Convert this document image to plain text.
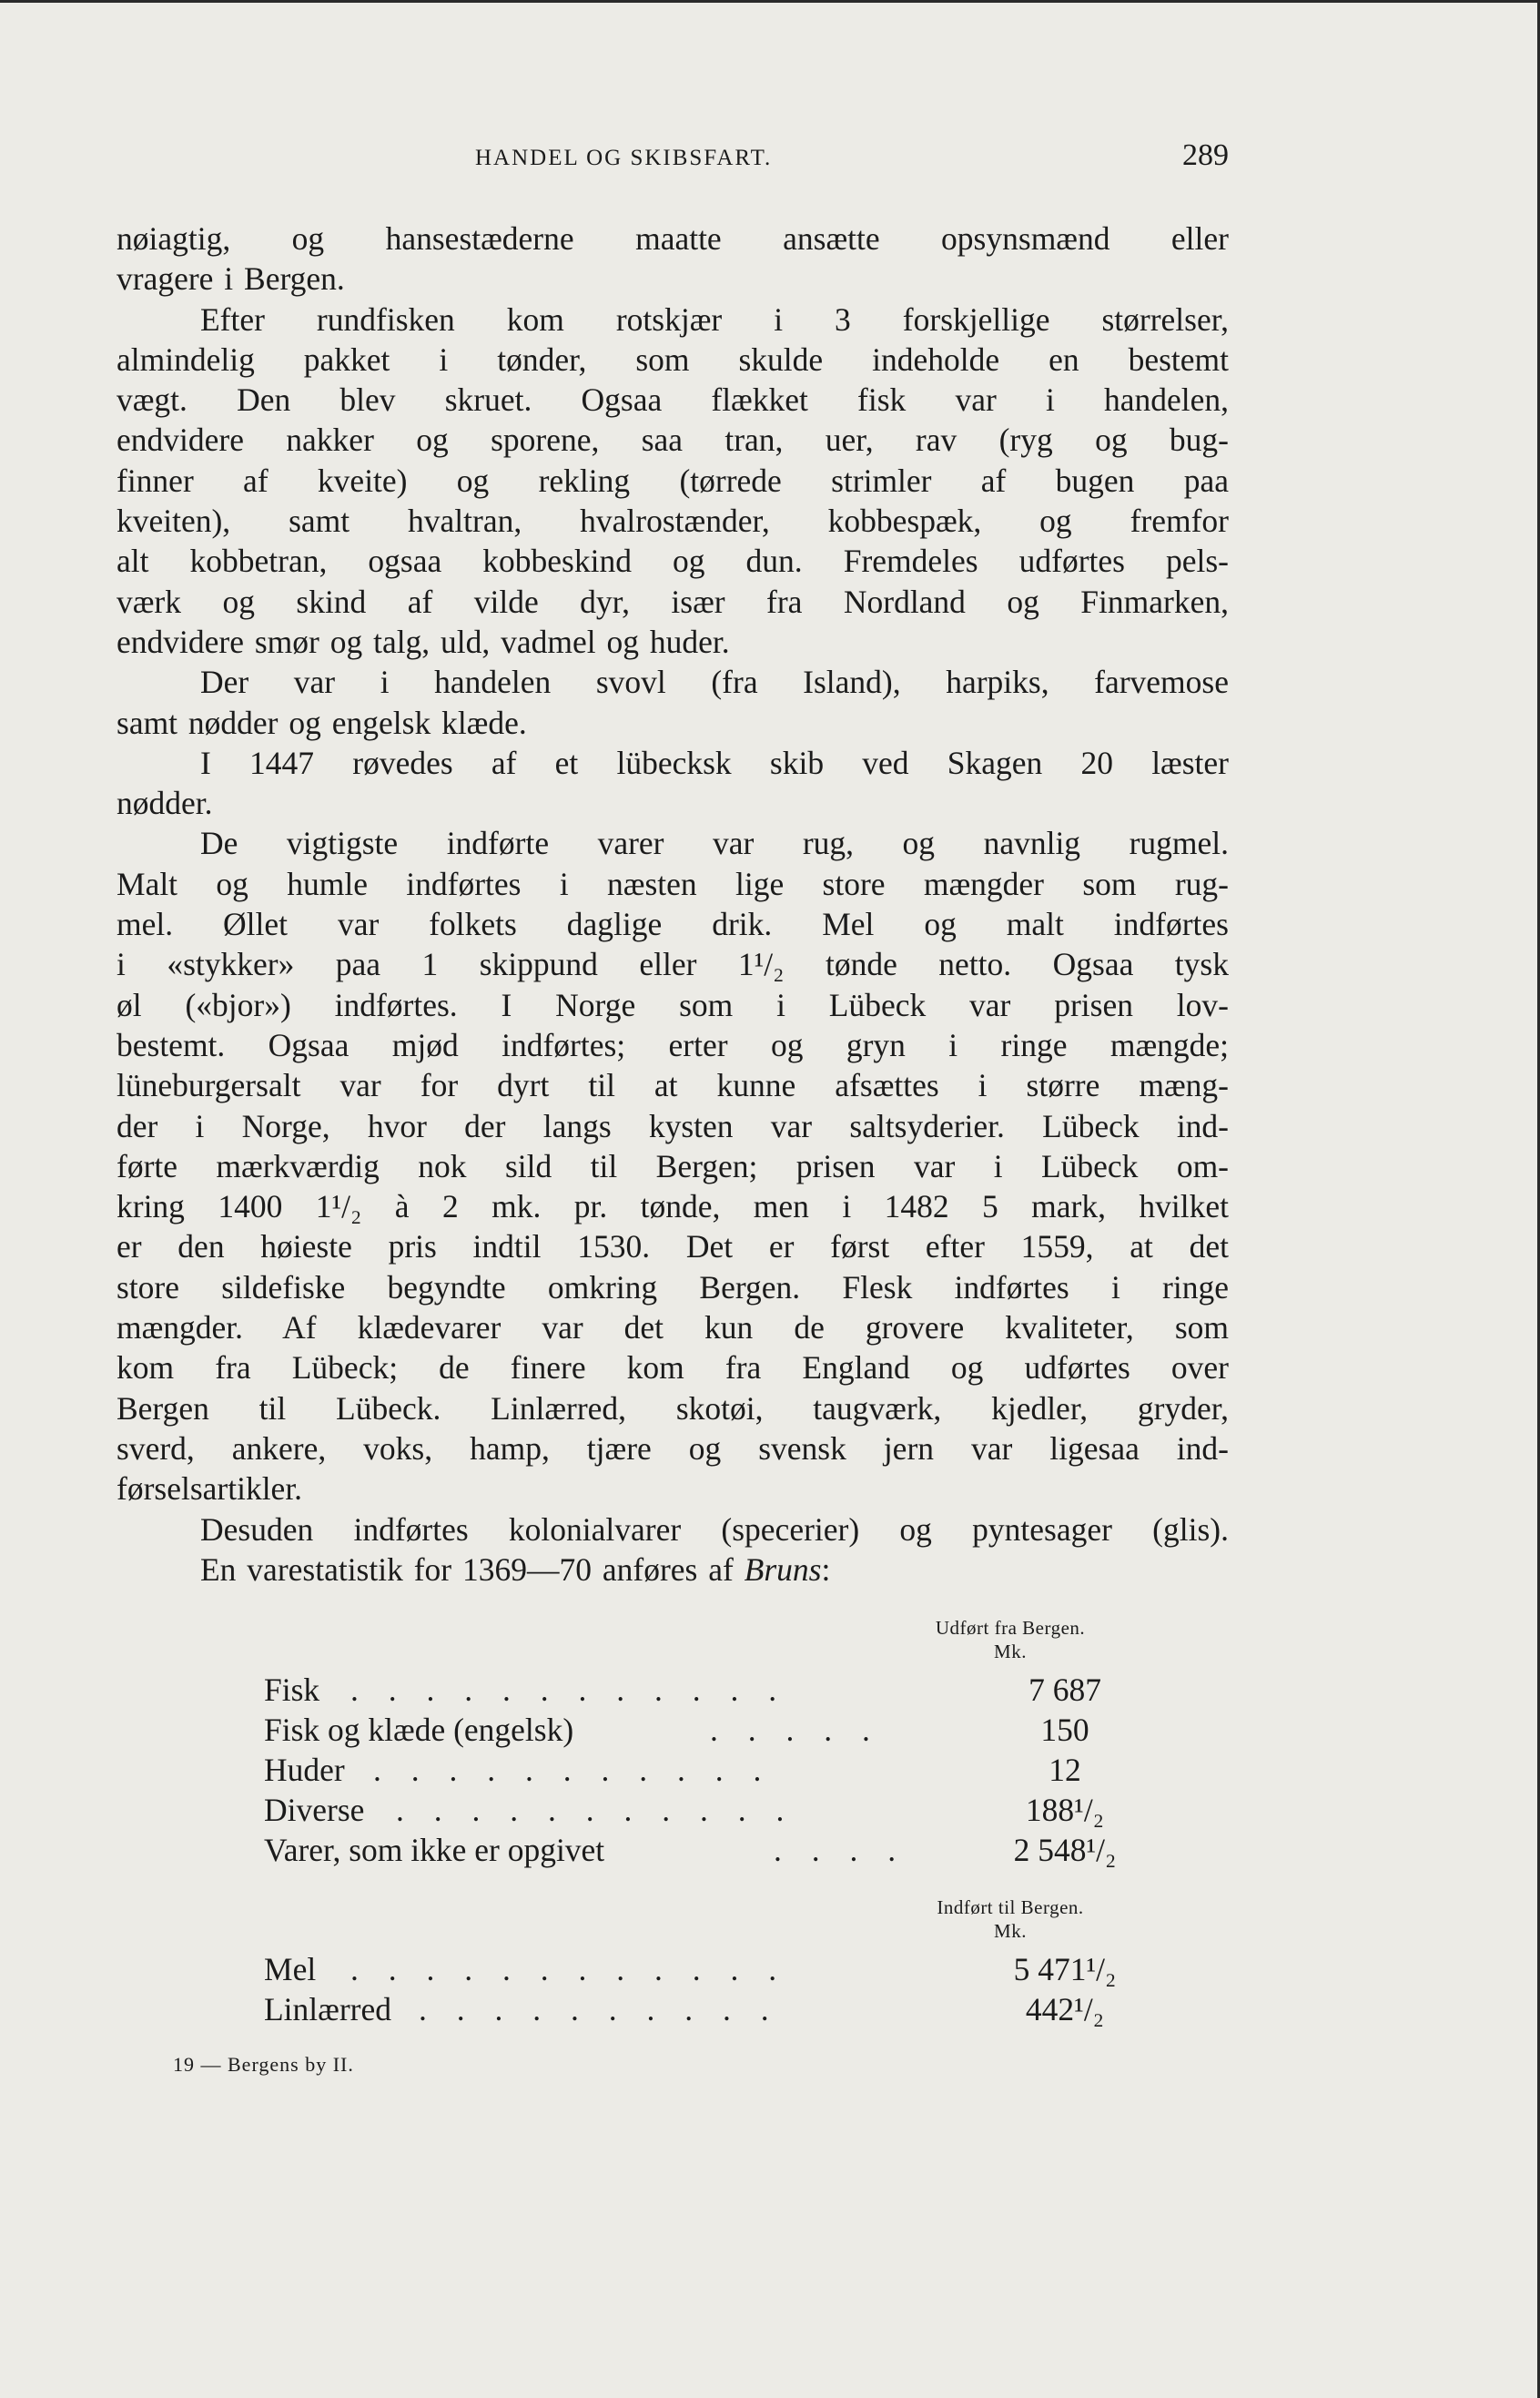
HANDEL OG SKIBSFART.	289

nøiagtig, og hansestæderne maatte ansætte opsynsmænd eller
vragere i Bergen.

Efter rundfisken kom rotskjær i 3 forskjellige størrelser,
almindelig pakket i tønder, som skulde indeholde en bestemt
vægt. Den blev skruet. Ogsaa flækket fisk var i handelen,
endvidere nakker og sporene, saa tran, uer, rav (ryg og bug-
finner af kveite) og rekling (tørrede strimler af bugen paa
kveiten), samt hvaltran, hvalrostænder, kobbespæk, og fremfor
alt kobbetran, ogsaa kobbeskind og dun. Fremdeles udførtes pels-
værk og skind af vilde dyr, især fra Nordland og Finmarken,
endvidere smør og talg, uld, vadmel og huder.

Der var i handelen svovl (fra Island), harpiks, farvemose
samt nødder og engelsk klæde.

I 1447 røvedes af et lübecksk skib ved Skagen 20 læster
nødder.

De vigtigste indførte varer var rug, og navnlig rugmel.
Malt og humle indførtes i næsten lige store mængder som rug-
mel. Øllet var folkets daglige drik. Mel og malt indførtes
i «stykker» paa 1 skippund eller 1¹/₂ tønde netto. Ogsaa tysk
øl («bjor») indførtes. I Norge som i Lübeck var prisen lov-
bestemt. Ogsaa mjød indførtes; erter og gryn i ringe mængde;
lüneburgersalt var for dyrt til at kunne afsættes i større mæng-
der i Norge, hvor der langs kysten var saltsyderier. Lübeck ind-
førte mærkværdig nok sild til Bergen; prisen var i Lübeck om-
kring 1400 1¹/₂ à 2 mk. pr. tønde, men i 1482 5 mark, hvilket
er den høieste pris indtil 1530. Det er først efter 1559, at det
store sildefiske begyndte omkring Bergen. Flesk indførtes i ringe
mængder. Af klædevarer var det kun de grovere kvaliteter, som
kom fra Lübeck; de finere kom fra England og udførtes over
Bergen til Lübeck. Linlærred, skotøi, taugværk, kjedler, gryder,
sverd, ankere, voks, hamp, tjære og svensk jern var ligesaa ind-
førselsartikler.

Desuden indførtes kolonialvarer (specerier) og pyntesager (glis).
En varestatistik for 1369—70 anføres af Bruns:

Udført fra Bergen.
Mk.
Fisk . . . . . . . . . . . .	7 687
Fisk og klæde (engelsk)	. . . . .	150
Huder . . . . . . . . . . .	12
Diverse . . . . . . . . . . .	188¹/₂
Varer, som ikke er opgivet	. . . .	2 548¹/₂
Indført til Bergen.
Mk.
Mel . . . . . . . . . . . .	5 471¹/₂
Linlærred . . . . . . . . . .	442¹/₂
19 — Bergens by II.
